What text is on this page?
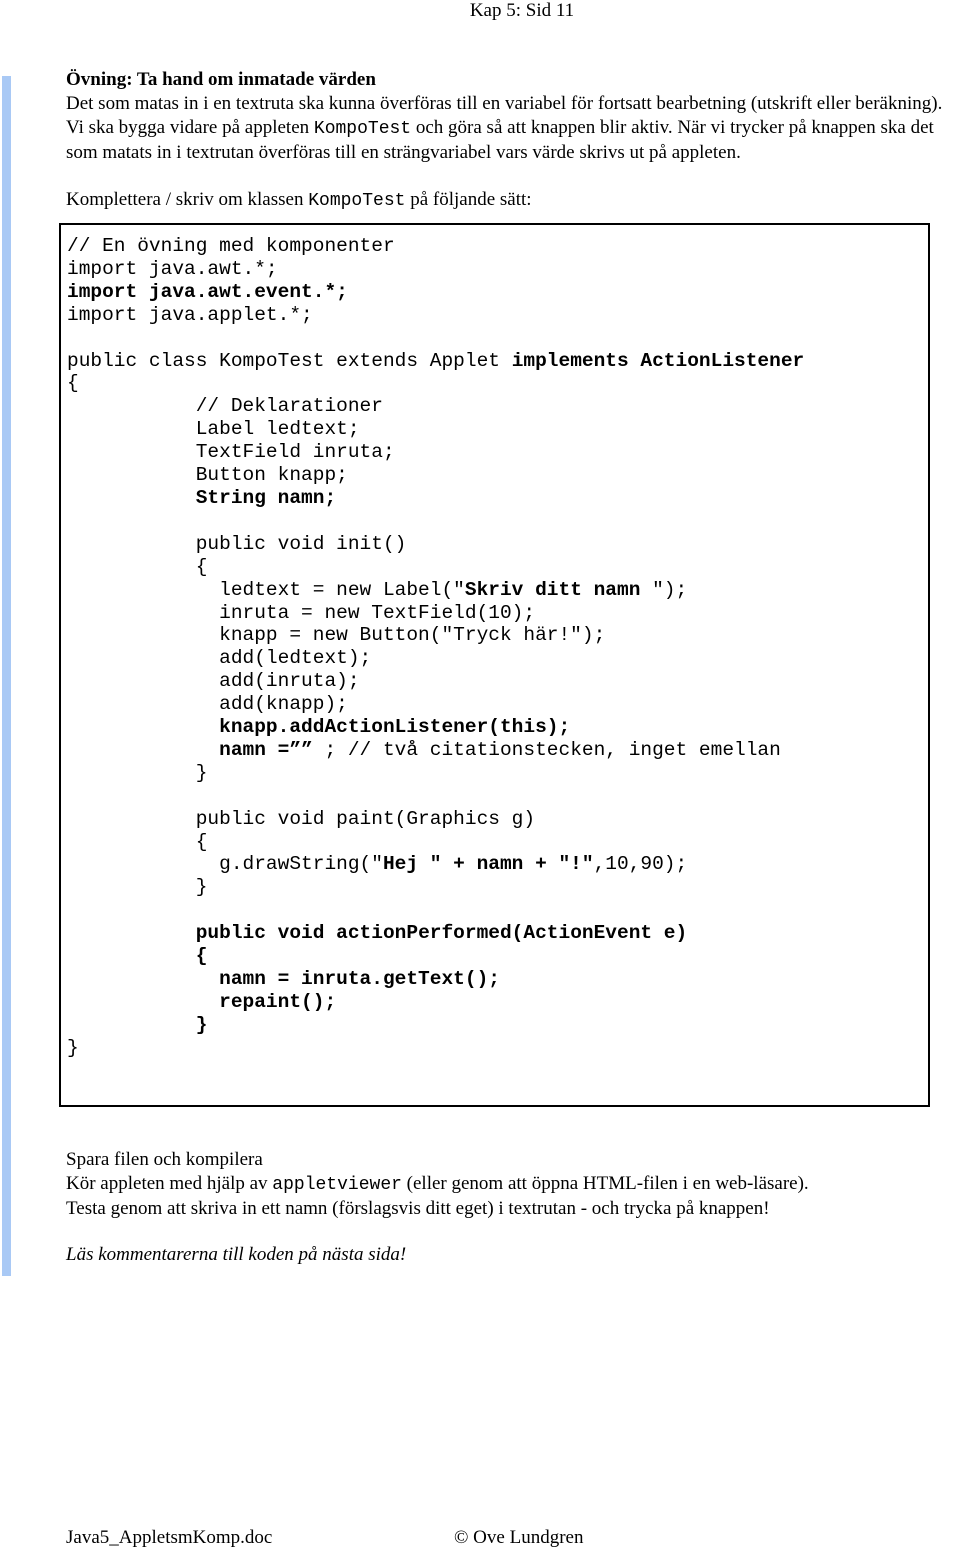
Kap 5: Sid 11

Övning: Ta hand om inmatade värden

Det som matas in i en textruta ska kunna överföras till en variabel för fortsatt bearbetning (utskrift eller beräkning). Vi ska bygga vidare på appleten KompoTest och göra så att knappen blir aktiv. När vi trycker på knappen ska det som matats in i textrutan överföras till en strängvariabel vars värde skrivs ut på appleten.

Komplettera / skriv om klassen KompoTest på följande sätt:

// En övning med komponenter
import java.awt.*;
import java.awt.event.*;
import java.applet.*;

public class KompoTest extends Applet implements ActionListener
{
// Deklarationer
Label ledtext;
TextField inruta;
Button knapp;
String namn;

public void init()
{
ledtext = new Label("Skriv ditt namn ");
inruta = new TextField(10);
knapp = new Button("Tryck här!");
add(ledtext);
add(inruta);
add(knapp);
knapp.addActionListener(this);
namn =”” ; // två citationstecken, inget emellan
}

public void paint(Graphics g)
{
g.drawString("Hej " + namn + "!",10,90);
}

public void actionPerformed(ActionEvent e)
{
namn = inruta.getText();
repaint();
}
}

Spara filen och kompilera

Kör appleten med hjälp av appletviewer (eller genom att öppna HTML-filen i en web-läsare).

Testa genom att skriva in ett namn (förslagsvis ditt eget) i textrutan - och trycka på knappen!

Läs kommentarerna till koden på nästa sida!

Java5_AppletsmKomp.doc	© Ove Lundgren
